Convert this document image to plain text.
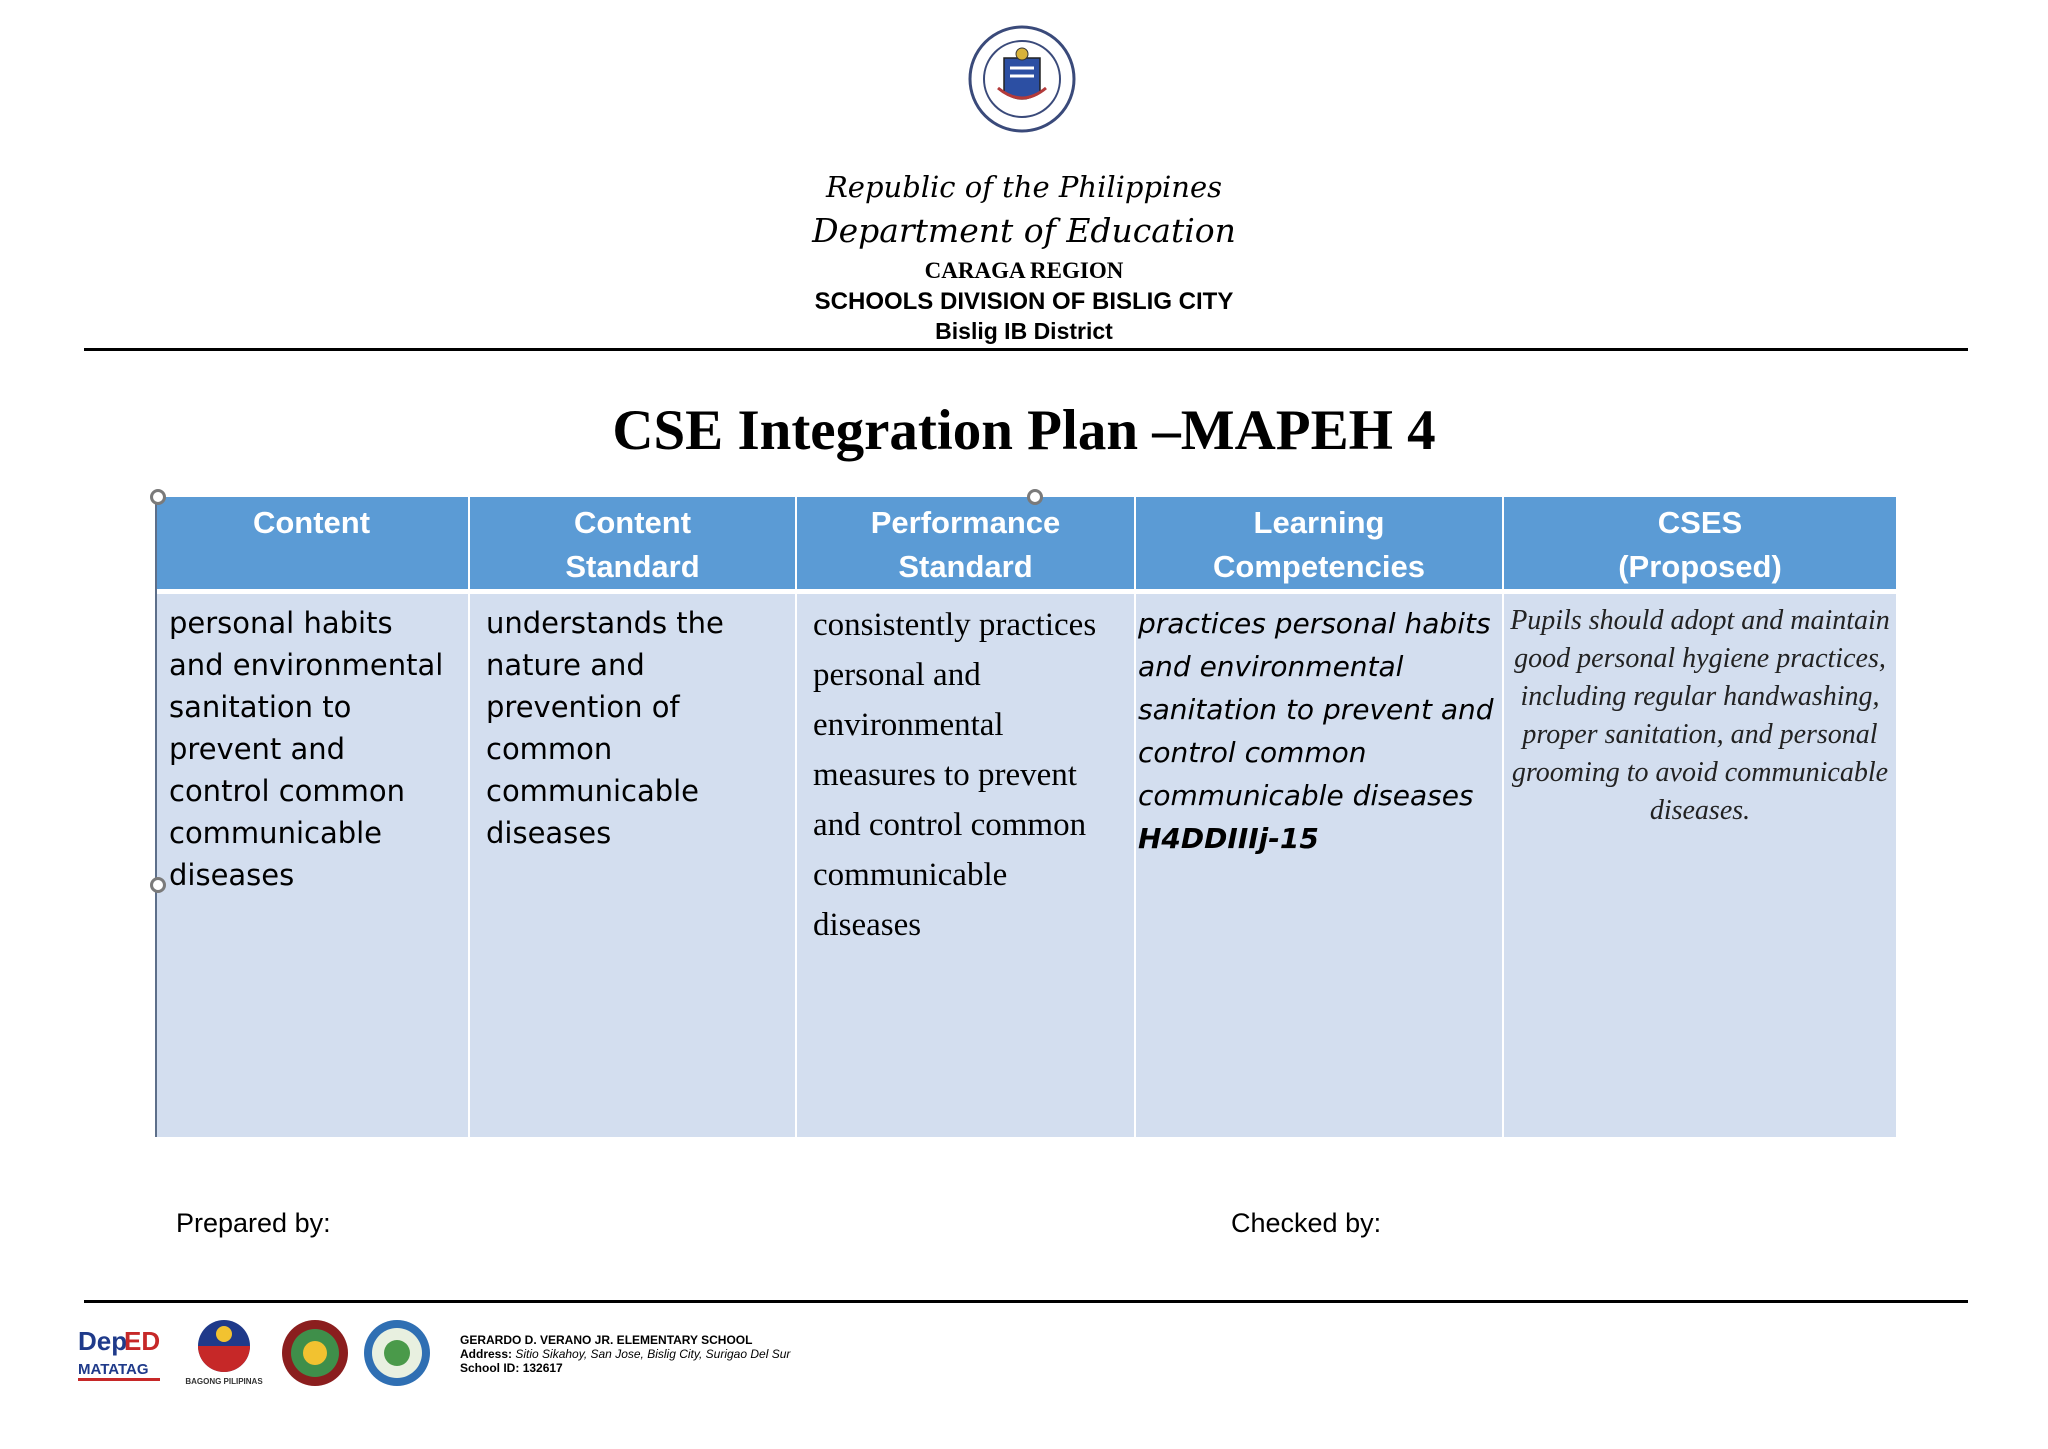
Republic of the Philippines
Department of Education
CARAGA REGION
SCHOOLS DIVISION OF BISLIG CITY
Bislig IB District
CSE Integration Plan –MAPEH 4
Content	Content
Standard
Performance
Standard
Learning
Competencies
CSES
(Proposed)
personal habits and environmental sanitation to prevent and control common communicable diseases
understands the nature and prevention of common communicable diseases
consistently practices personal and environmental measures to prevent and control common communicable diseases
practices personal habits and environmental sanitation to prevent and control common communicable diseases
H4DDIIIj-15
Pupils should adopt and maintain good personal hygiene practices, including regular handwashing, proper sanitation, and personal grooming to avoid communicable diseases.
Prepared by:	Checked by:
Dep
ED
MATATAG
BAGONG PILIPINAS
GERARDO D. VERANO JR. ELEMENTARY SCHOOL
Address: Sitio Sikahoy, San Jose, Bislig City, Surigao Del Sur
School ID: 132617
